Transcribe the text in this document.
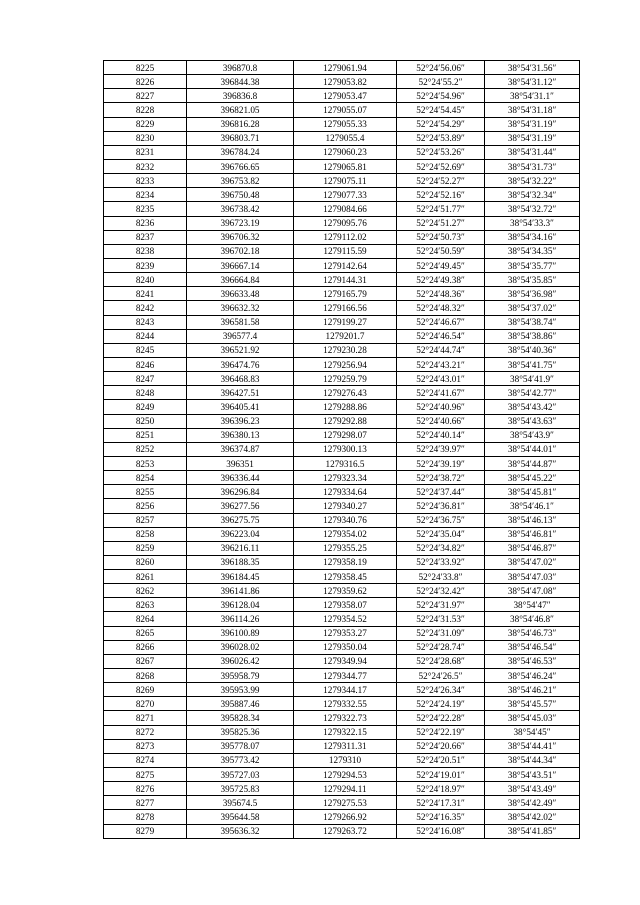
8225	396870.8	1279061.94	52°24′56.06″	38°54′31.56″
8226	396844.38	1279053.82	52°24′55.2″	38°54′31.12″
8227	396836.8	1279053.47	52°24′54.96″	38°54′31.1″
8228	396821.05	1279055.07	52°24′54.45″	38°54′31.18″
8229	396816.28	1279055.33	52°24′54.29″	38°54′31.19″
8230	396803.71	1279055.4	52°24′53.89″	38°54′31.19″
8231	396784.24	1279060.23	52°24′53.26″	38°54′31.44″
8232	396766.65	1279065.81	52°24′52.69″	38°54′31.73″
8233	396753.82	1279075.11	52°24′52.27″	38°54′32.22″
8234	396750.48	1279077.33	52°24′52.16″	38°54′32.34″
8235	396738.42	1279084.66	52°24′51.77″	38°54′32.72″
8236	396723.19	1279095.76	52°24′51.27″	38°54′33.3″
8237	396706.32	1279112.02	52°24′50.73″	38°54′34.16″
8238	396702.18	1279115.59	52°24′50.59″	38°54′34.35″
8239	396667.14	1279142.64	52°24′49.45″	38°54′35.77″
8240	396664.84	1279144.31	52°24′49.38″	38°54′35.85″
8241	396633.48	1279165.79	52°24′48.36″	38°54′36.98″
8242	396632.32	1279166.56	52°24′48.32″	38°54′37.02″
8243	396581.58	1279199.27	52°24′46.67″	38°54′38.74″
8244	396577.4	1279201.7	52°24′46.54″	38°54′38.86″
8245	396521.92	1279230.28	52°24′44.74″	38°54′40.36″
8246	396474.76	1279256.94	52°24′43.21″	38°54′41.75″
8247	396468.83	1279259.79	52°24′43.01″	38°54′41.9″
8248	396427.51	1279276.43	52°24′41.67″	38°54′42.77″
8249	396405.41	1279288.86	52°24′40.96″	38°54′43.42″
8250	396396.23	1279292.88	52°24′40.66″	38°54′43.63″
8251	396380.13	1279298.07	52°24′40.14″	38°54′43.9″
8252	396374.87	1279300.13	52°24′39.97″	38°54′44.01″
8253	396351	1279316.5	52°24′39.19″	38°54′44.87″
8254	396336.44	1279323.34	52°24′38.72″	38°54′45.22″
8255	396296.84	1279334.64	52°24′37.44″	38°54′45.81″
8256	396277.56	1279340.27	52°24′36.81″	38°54′46.1″
8257	396275.75	1279340.76	52°24′36.75″	38°54′46.13″
8258	396223.04	1279354.02	52°24′35.04″	38°54′46.81″
8259	396216.11	1279355.25	52°24′34.82″	38°54′46.87″
8260	396188.35	1279358.19	52°24′33.92″	38°54′47.02″
8261	396184.45	1279358.45	52°24′33.8″	38°54′47.03″
8262	396141.86	1279359.62	52°24′32.42″	38°54′47.08″
8263	396128.04	1279358.07	52°24′31.97″	38°54′47″
8264	396114.26	1279354.52	52°24′31.53″	38°54′46.8″
8265	396100.89	1279353.27	52°24′31.09″	38°54′46.73″
8266	396028.02	1279350.04	52°24′28.74″	38°54′46.54″
8267	396026.42	1279349.94	52°24′28.68″	38°54′46.53″
8268	395958.79	1279344.77	52°24′26.5″	38°54′46.24″
8269	395953.99	1279344.17	52°24′26.34″	38°54′46.21″
8270	395887.46	1279332.55	52°24′24.19″	38°54′45.57″
8271	395828.34	1279322.73	52°24′22.28″	38°54′45.03″
8272	395825.36	1279322.15	52°24′22.19″	38°54′45″
8273	395778.07	1279311.31	52°24′20.66″	38°54′44.41″
8274	395773.42	1279310	52°24′20.51″	38°54′44.34″
8275	395727.03	1279294.53	52°24′19.01″	38°54′43.51″
8276	395725.83	1279294.11	52°24′18.97″	38°54′43.49″
8277	395674.5	1279275.53	52°24′17.31″	38°54′42.49″
8278	395644.58	1279266.92	52°24′16.35″	38°54′42.02″
8279	395636.32	1279263.72	52°24′16.08″	38°54′41.85″
